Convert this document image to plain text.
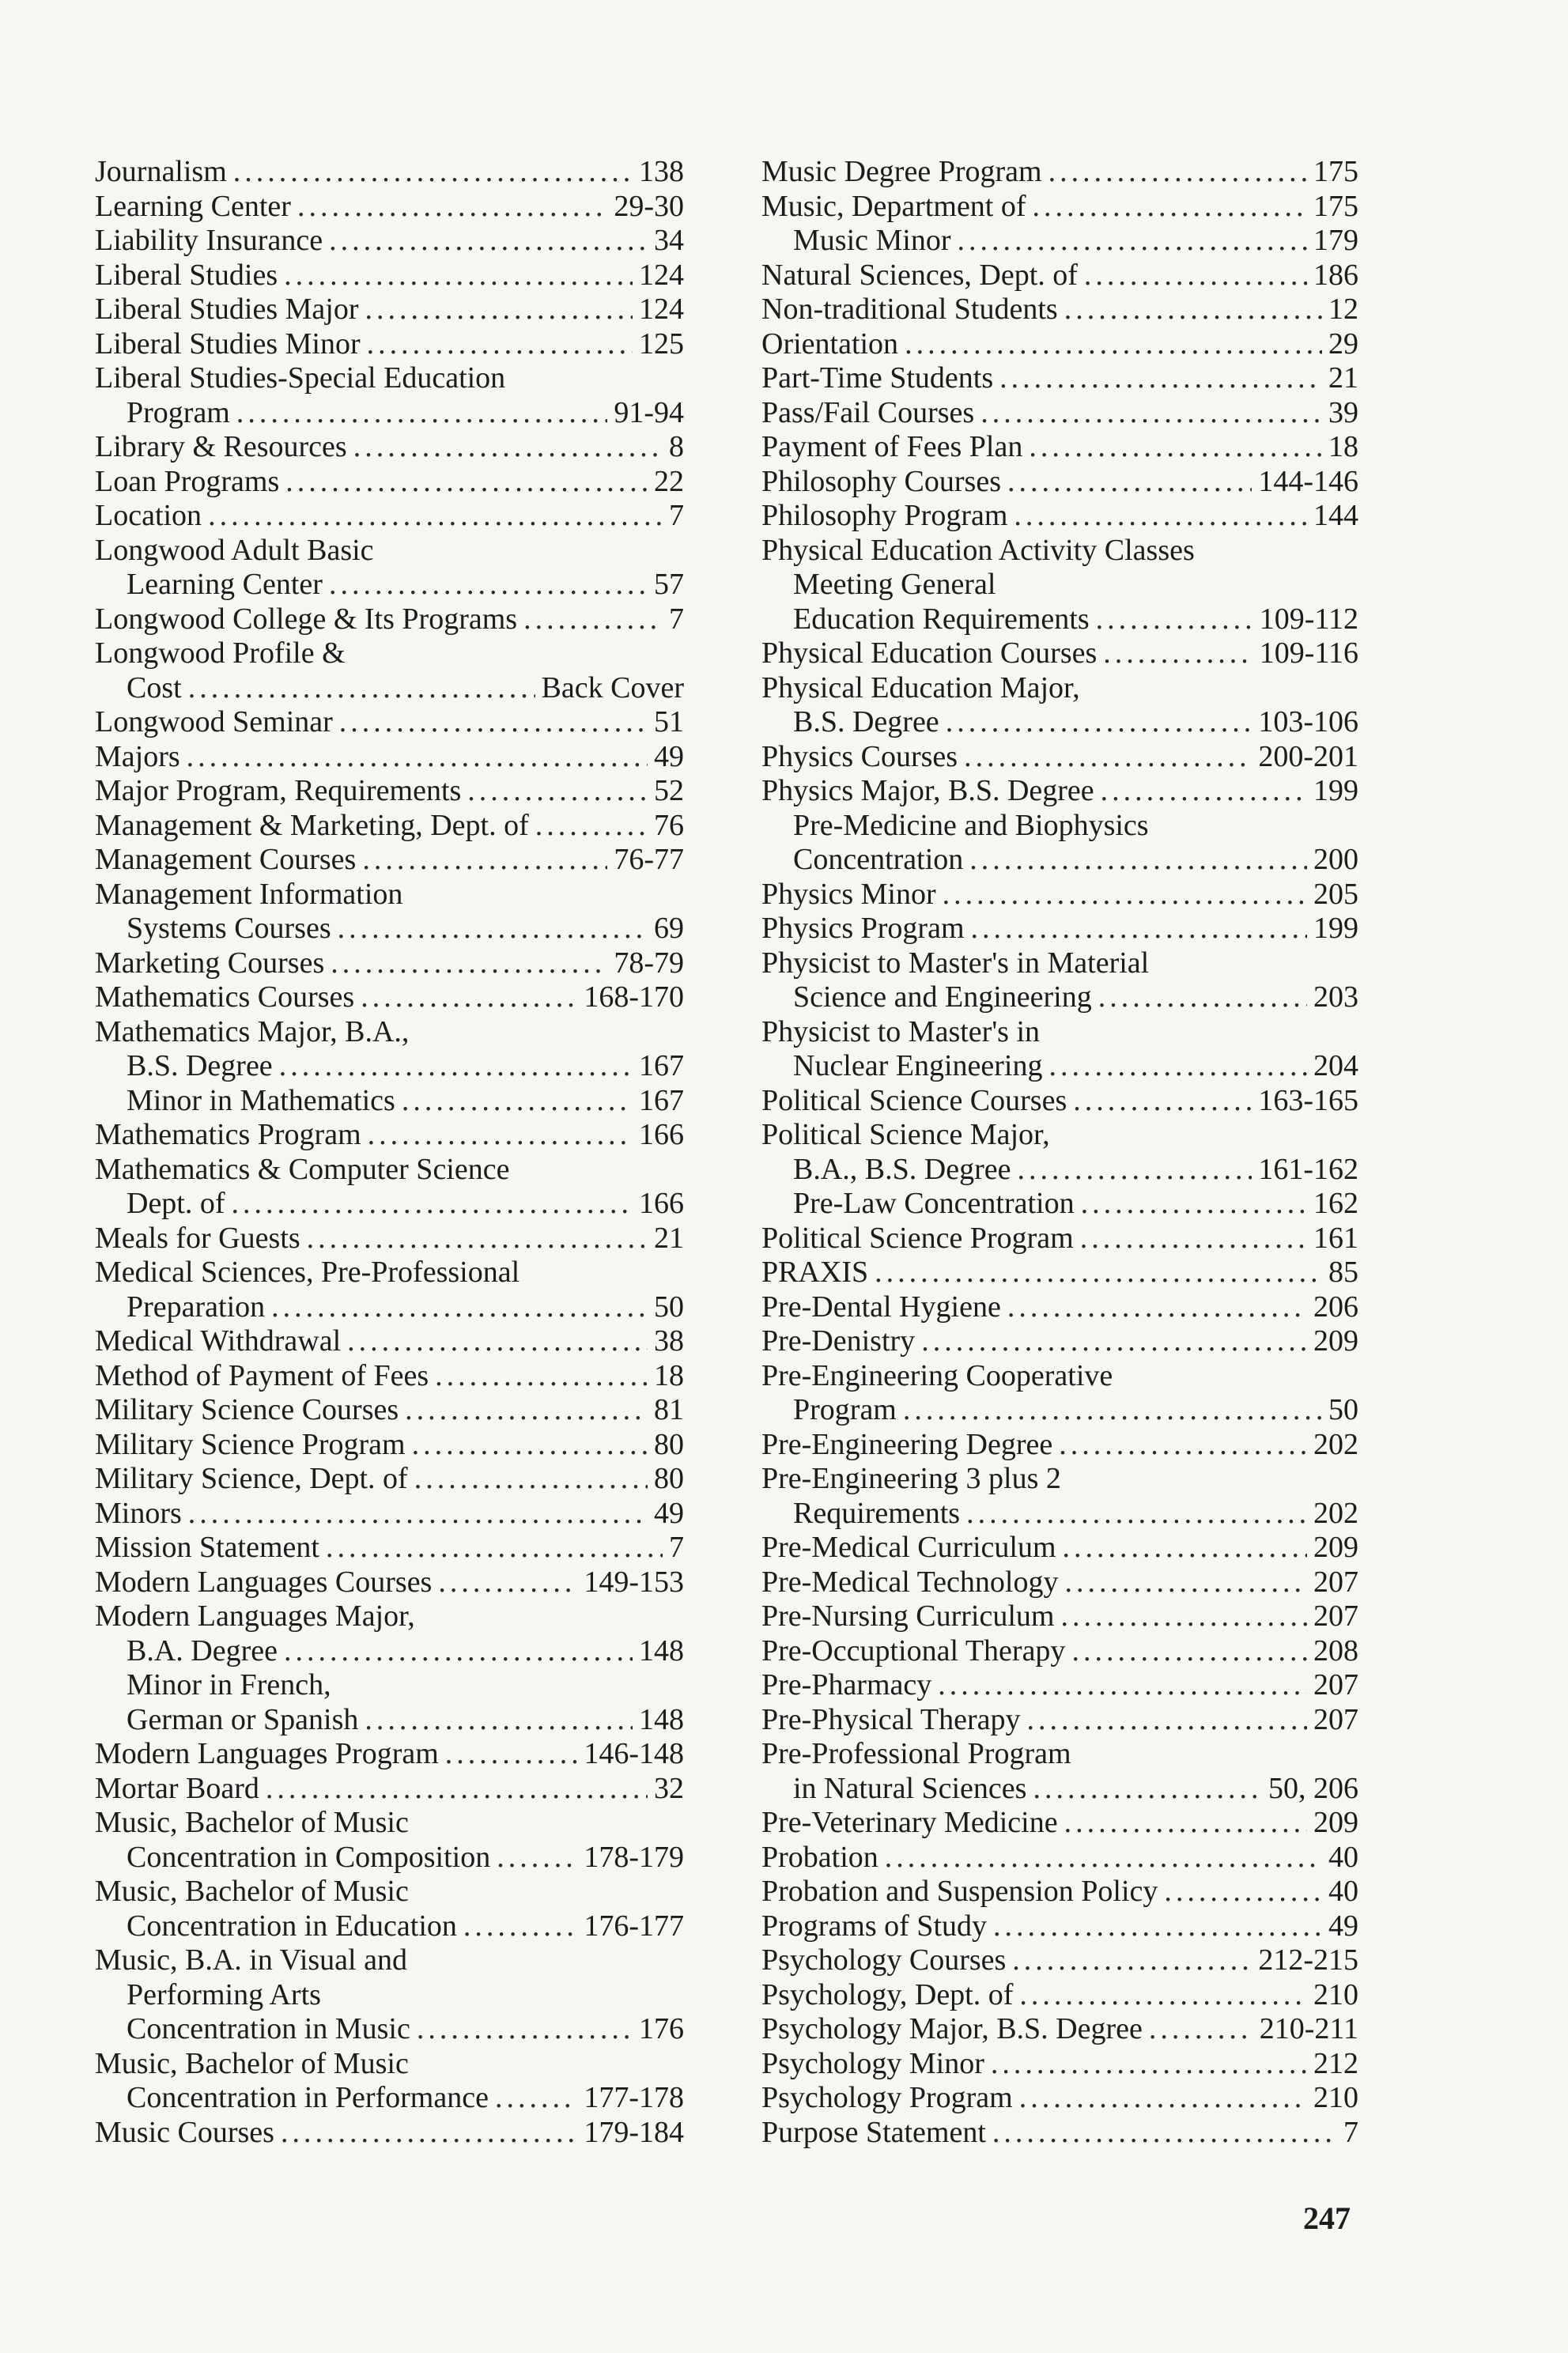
Journalism .....	138
Learning Center .....	29-30
Liability Insurance .....	34
Liberal Studies .....	124
Liberal Studies Major .....	124
Liberal Studies Minor .....	125
Liberal Studies-Special Education
Program .....	91-94
Library & Resources .....	8
Loan Programs .....	22
Location .....	7
Longwood Adult Basic
Learning Center .....	57
Longwood College & Its Programs .....	7
Longwood Profile &
Cost .....	Back Cover
Longwood Seminar .....	51
Majors .....	49
Major Program, Requirements .....	52
Management & Marketing, Dept. of .....	76
Management Courses .....	76-77
Management Information
Systems Courses .....	69
Marketing Courses .....	78-79
Mathematics Courses .....	168-170
Mathematics Major, B.A.,
B.S. Degree .....	167
Minor in Mathematics .....	167
Mathematics Program .....	166
Mathematics & Computer Science
Dept. of .....	166
Meals for Guests .....	21
Medical Sciences, Pre-Professional
Preparation .....	50
Medical Withdrawal .....	38
Method of Payment of Fees .....	18
Military Science Courses .....	81
Military Science Program .....	80
Military Science, Dept. of .....	80
Minors .....	49
Mission Statement .....	7
Modern Languages Courses .....	149-153
Modern Languages Major,
B.A. Degree .....	148
Minor in French,
German or Spanish .....	148
Modern Languages Program .....	146-148
Mortar Board .....	32
Music, Bachelor of Music
Concentration in Composition .....	178-179
Music, Bachelor of Music
Concentration in Education .....	176-177
Music, B.A. in Visual and
Performing Arts
Concentration in Music .....	176
Music, Bachelor of Music
Concentration in Performance .....	177-178
Music Courses .....	179-184
Music Degree Program .....	175
Music, Department of .....	175
Music Minor .....	179
Natural Sciences, Dept. of .....	186
Non-traditional Students .....	12
Orientation .....	29
Part-Time Students .....	21
Pass/Fail Courses .....	39
Payment of Fees Plan .....	18
Philosophy Courses .....	144-146
Philosophy Program .....	144
Physical Education Activity Classes
Meeting General
Education Requirements .....	109-112
Physical Education Courses .....	109-116
Physical Education Major,
B.S. Degree .....	103-106
Physics Courses .....	200-201
Physics Major, B.S. Degree .....	199
Pre-Medicine and Biophysics
Concentration .....	200
Physics Minor .....	205
Physics Program .....	199
Physicist to Master's in Material
Science and Engineering .....	203
Physicist to Master's in
Nuclear Engineering .....	204
Political Science Courses .....	163-165
Political Science Major,
B.A., B.S. Degree .....	161-162
Pre-Law Concentration .....	162
Political Science Program .....	161
PRAXIS .....	85
Pre-Dental Hygiene .....	206
Pre-Denistry .....	209
Pre-Engineering Cooperative
Program .....	50
Pre-Engineering Degree .....	202
Pre-Engineering 3 plus 2
Requirements .....	202
Pre-Medical Curriculum .....	209
Pre-Medical Technology .....	207
Pre-Nursing Curriculum .....	207
Pre-Occuptional Therapy .....	208
Pre-Pharmacy .....	207
Pre-Physical Therapy .....	207
Pre-Professional Program
in Natural Sciences .....	50, 206
Pre-Veterinary Medicine .....	209
Probation .....	40
Probation and Suspension Policy .....	40
Programs of Study .....	49
Psychology Courses .....	212-215
Psychology, Dept. of .....	210
Psychology Major, B.S. Degree .....	210-211
Psychology Minor .....	212
Psychology Program .....	210
Purpose Statement .....	7
247
